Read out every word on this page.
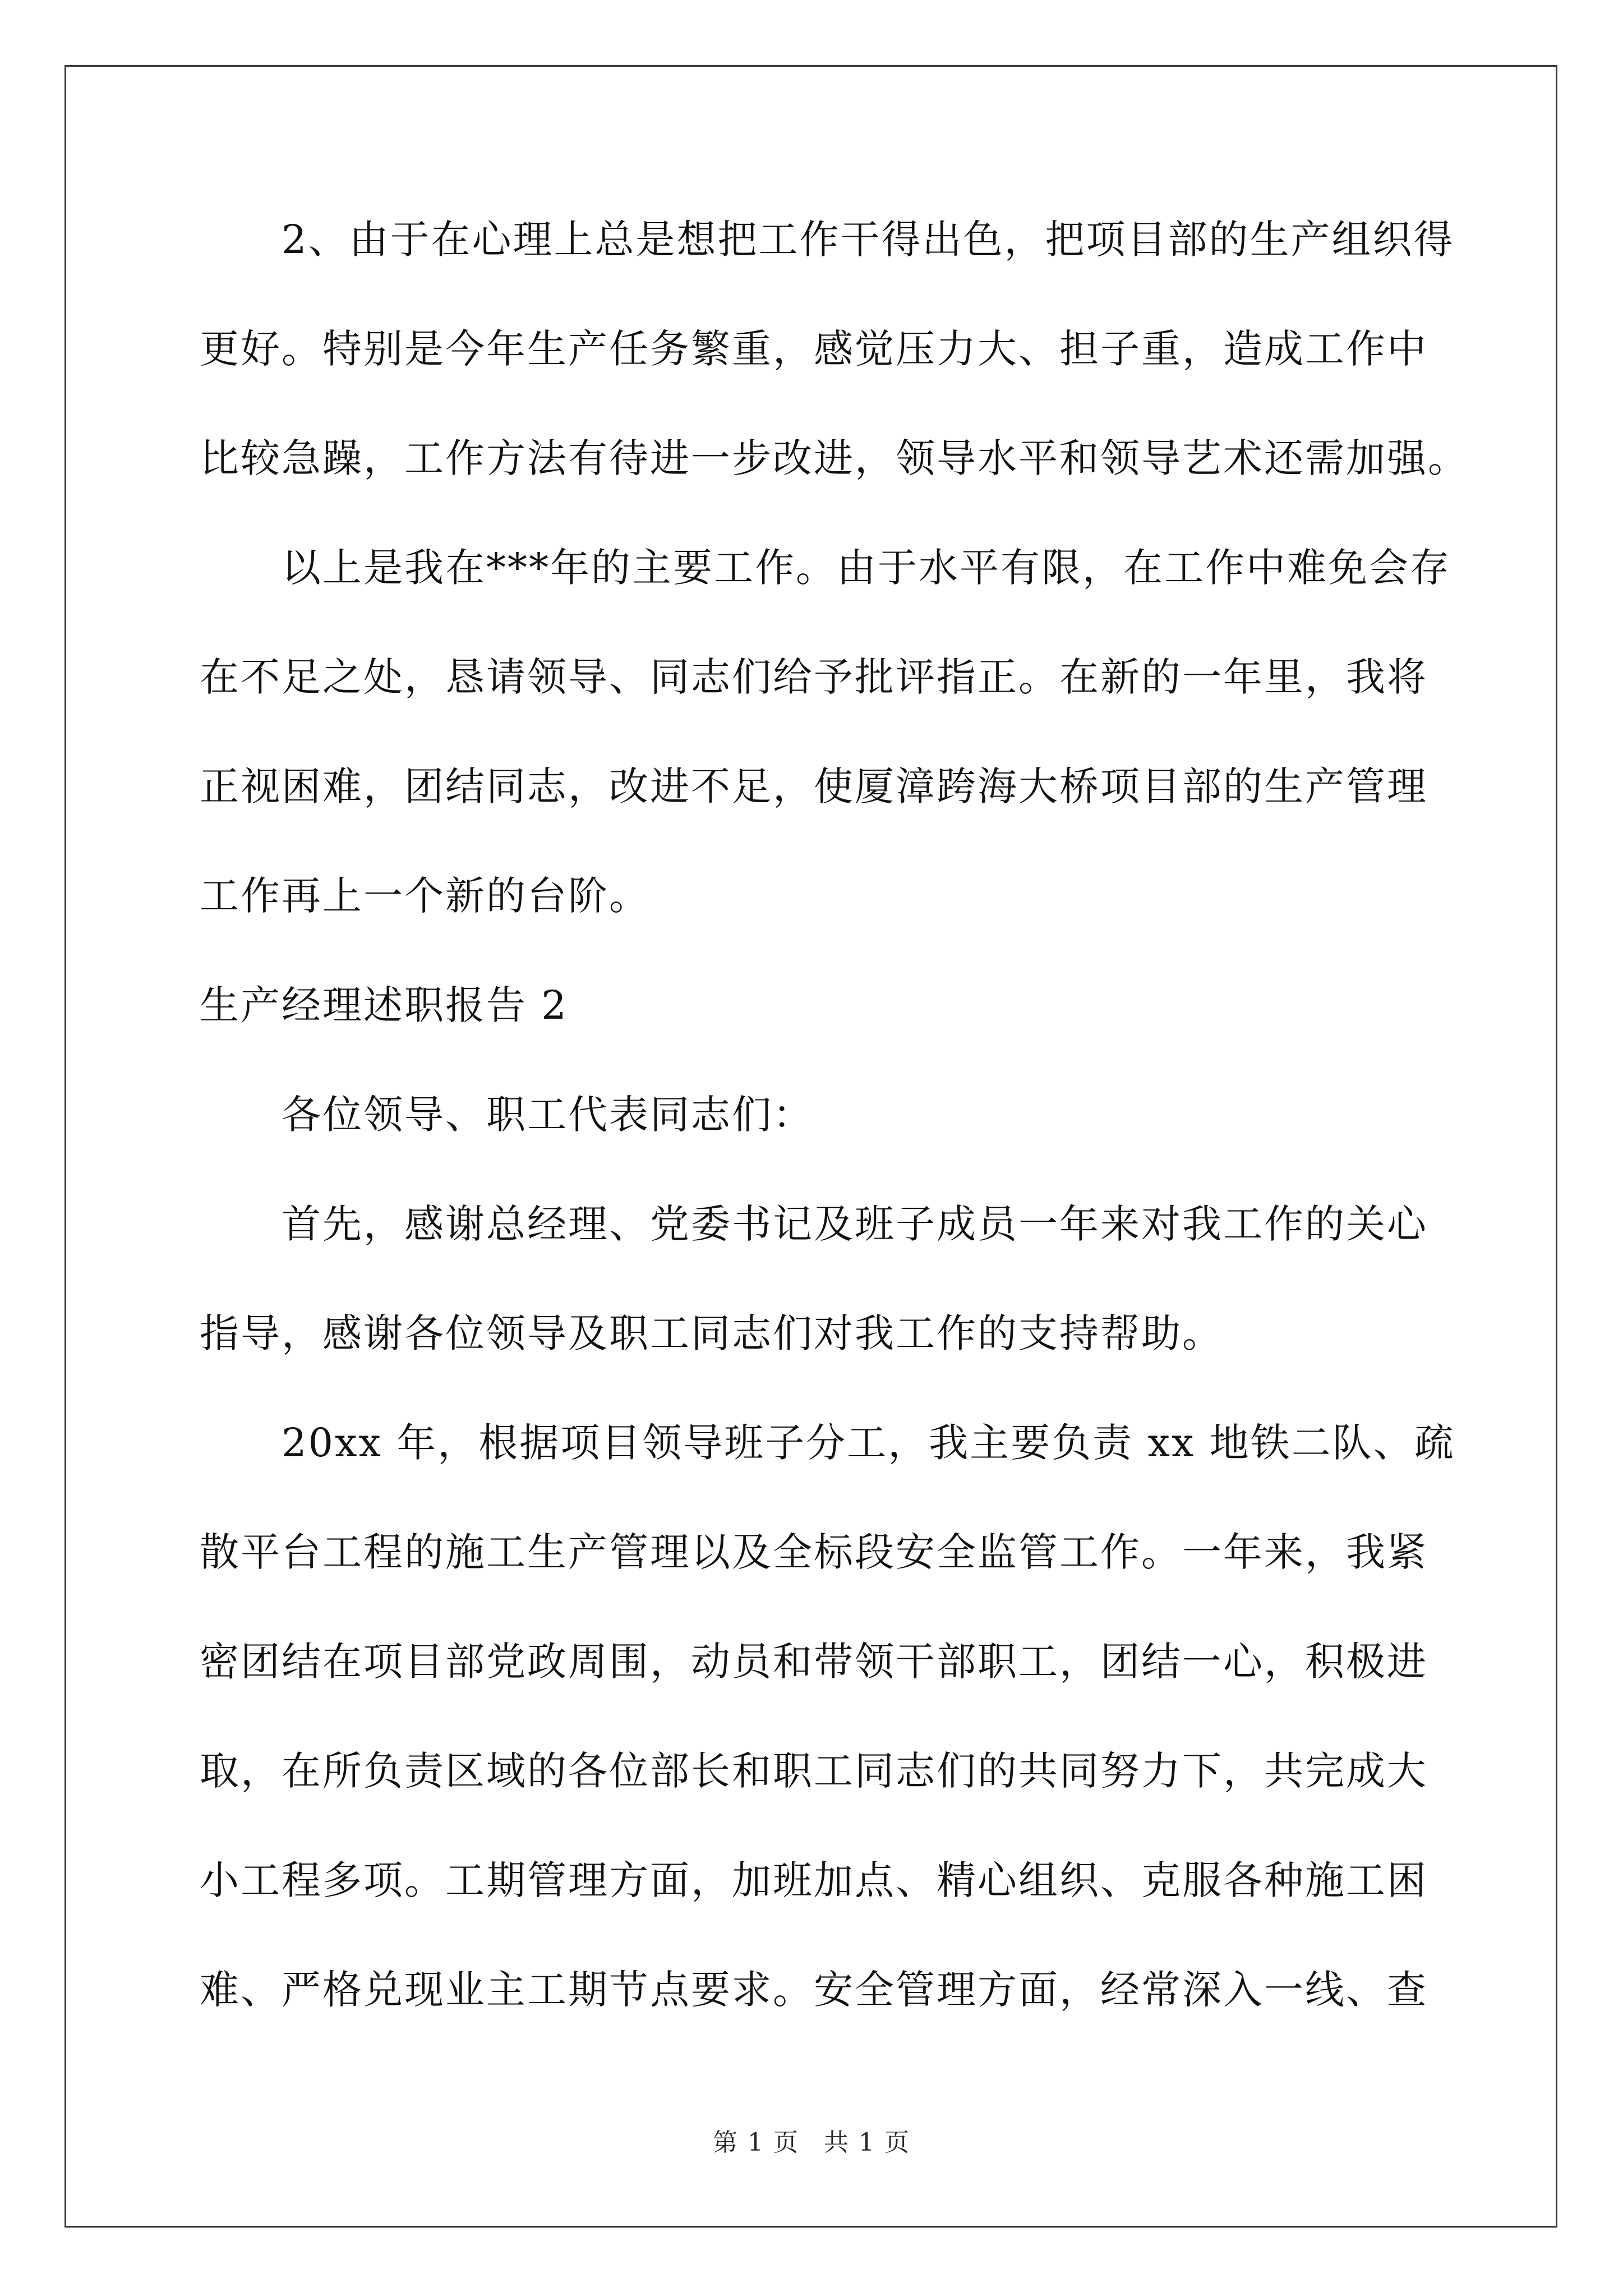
2、由于在心理上总是想把工作干得出色，把项目部的生产组织得

更好。特别是今年生产任务繁重，感觉压力大、担子重，造成工作中

比较急躁，工作方法有待进一步改进，领导水平和领导艺术还需加强。

以上是我在***年的主要工作。由于水平有限，在工作中难免会存

在不足之处，恳请领导、同志们给予批评指正。在新的一年里，我将

正视困难，团结同志，改进不足，使厦漳跨海大桥项目部的生产管理

工作再上一个新的台阶。

生产经理述职报告 2

各位领导、职工代表同志们：

首先，感谢总经理、党委书记及班子成员一年来对我工作的关心

指导，感谢各位领导及职工同志们对我工作的支持帮助。

20xx 年，根据项目领导班子分工，我主要负责 xx 地铁二队、疏

散平台工程的施工生产管理以及全标段安全监管工作。一年来，我紧

密团结在项目部党政周围，动员和带领干部职工，团结一心，积极进

取，在所负责区域的各位部长和职工同志们的共同努力下，共完成大

小工程多项。工期管理方面，加班加点、精心组织、克服各种施工困

难、严格兑现业主工期节点要求。安全管理方面，经常深入一线、查

第 1 页 共 1 页
